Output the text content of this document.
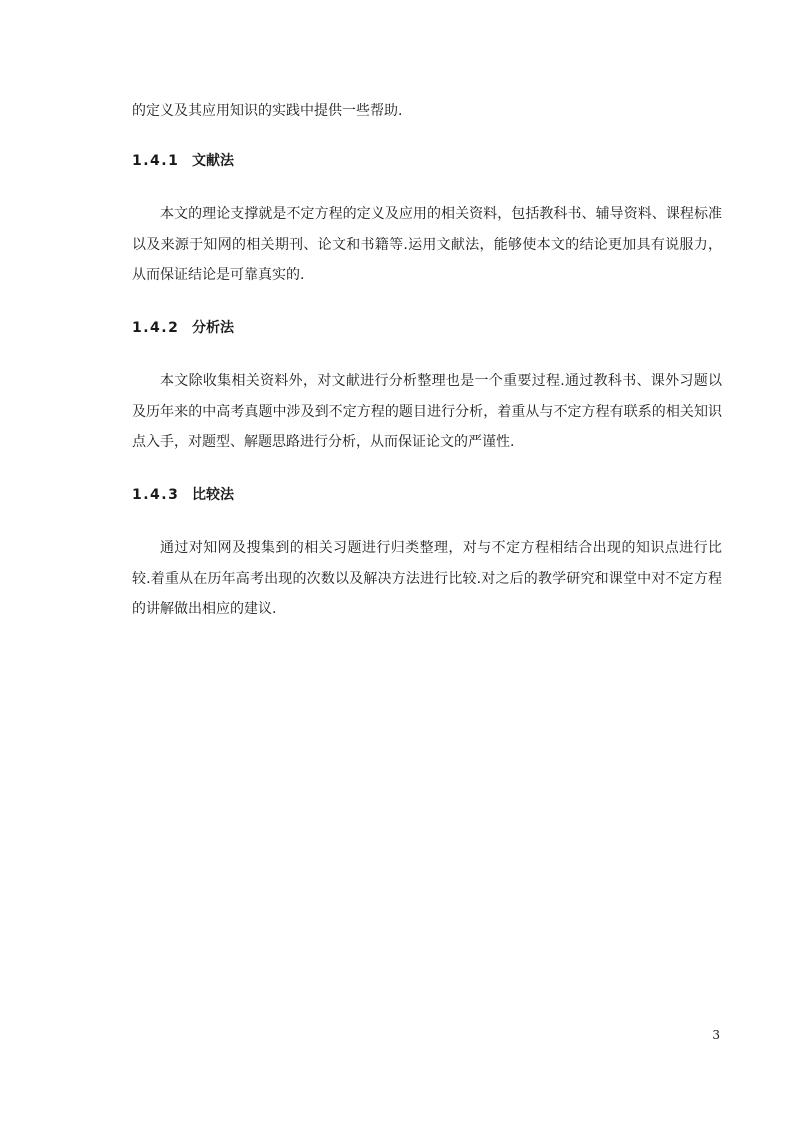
的定义及其应用知识的实践中提供一些帮助.

1.4.1 文献法

本文的理论支撑就是不定方程的定义及应用的相关资料，包括教科书、辅导资料、课程标准以及来源于知网的相关期刊、论文和书籍等.运用文献法，能够使本文的结论更加具有说服力，从而保证结论是可靠真实的.

1.4.2 分析法

本文除收集相关资料外，对文献进行分析整理也是一个重要过程.通过教科书、课外习题以及历年来的中高考真题中涉及到不定方程的题目进行分析，着重从与不定方程有联系的相关知识点入手，对题型、解题思路进行分析，从而保证论文的严谨性.

1.4.3 比较法

通过对知网及搜集到的相关习题进行归类整理，对与不定方程相结合出现的知识点进行比较.着重从在历年高考出现的次数以及解决方法进行比较.对之后的教学研究和课堂中对不定方程的讲解做出相应的建议.

3
